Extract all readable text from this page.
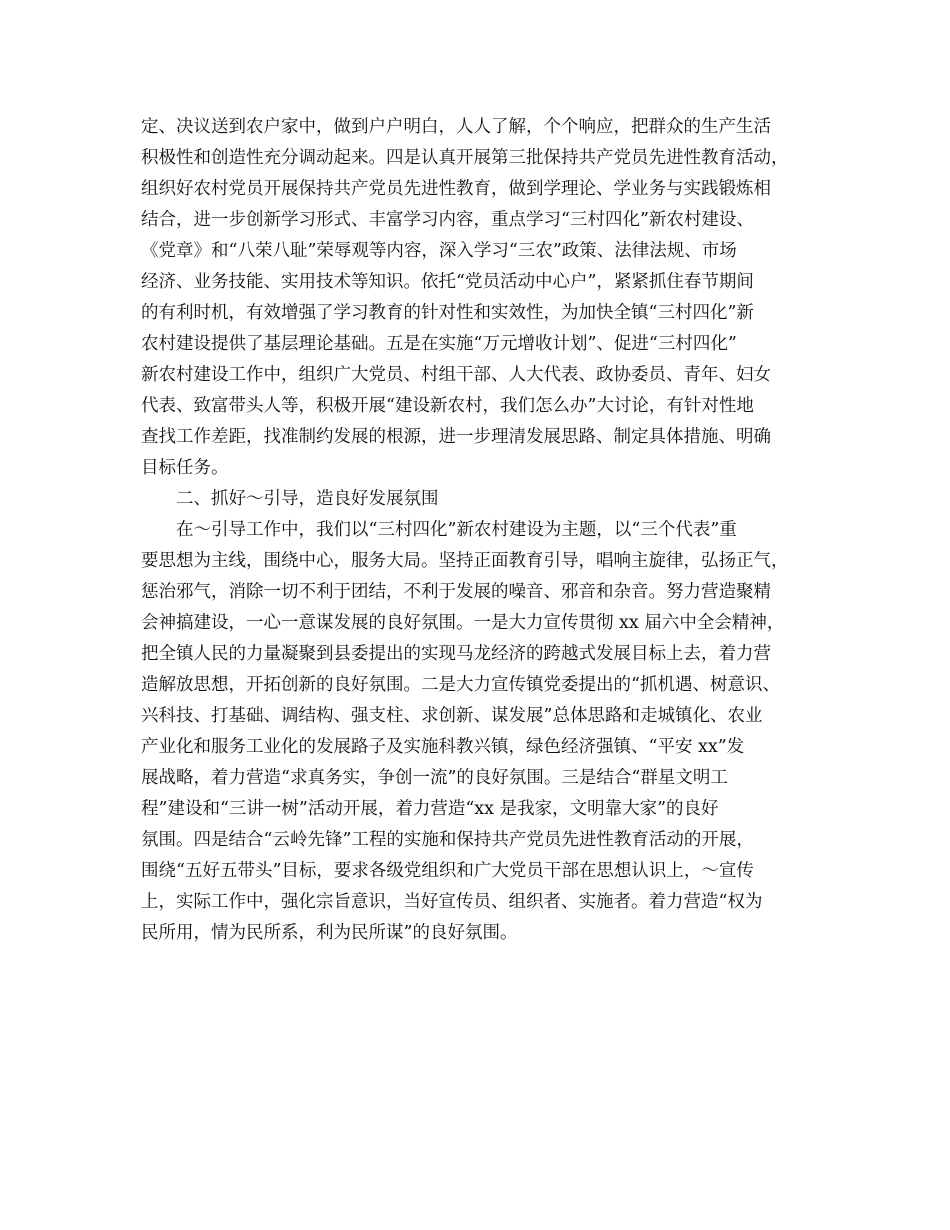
定、决议送到农户家中，做到户户明白，人人了解，个个响应，把群众的生产生活
积极性和创造性充分调动起来。四是认真开展第三批保持共产党员先进性教育活动，
组织好农村党员开展保持共产党员先进性教育，做到学理论、学业务与实践锻炼相
结合，进一步创新学习形式、丰富学习内容，重点学习“三村四化”新农村建设、
《党章》和“八荣八耻”荣辱观等内容，深入学习“三农”政策、法律法规、市场
经济、业务技能、实用技术等知识。依托“党员活动中心户”，紧紧抓住春节期间
的有利时机，有效增强了学习教育的针对性和实效性，为加快全镇“三村四化”新
农村建设提供了基层理论基础。五是在实施“万元增收计划”、促进“三村四化”
新农村建设工作中，组织广大党员、村组干部、人大代表、政协委员、青年、妇女
代表、致富带头人等，积极开展“建设新农村，我们怎么办”大讨论，有针对性地
查找工作差距，找准制约发展的根源，进一步理清发展思路、制定具体措施、明确
目标任务。
二、抓好～引导，造良好发展氛围
在～引导工作中，我们以“三村四化”新农村建设为主题，以“三个代表”重
要思想为主线，围绕中心，服务大局。坚持正面教育引导，唱响主旋律，弘扬正气，
惩治邪气，消除一切不利于团结，不利于发展的噪音、邪音和杂音。努力营造聚精
会神搞建设，一心一意谋发展的良好氛围。一是大力宣传贯彻 xx 届六中全会精神，
把全镇人民的力量凝聚到县委提出的实现马龙经济的跨越式发展目标上去，着力营
造解放思想，开拓创新的良好氛围。二是大力宣传镇党委提出的“抓机遇、树意识、
兴科技、打基础、调结构、强支柱、求创新、谋发展”总体思路和走城镇化、农业
产业化和服务工业化的发展路子及实施科教兴镇，绿色经济强镇、“平安 xx”发
展战略，着力营造“求真务实，争创一流”的良好氛围。三是结合“群星文明工
程”建设和“三讲一树”活动开展，着力营造“xx 是我家，文明靠大家”的良好
氛围。四是结合“云岭先锋”工程的实施和保持共产党员先进性教育活动的开展，
围绕“五好五带头”目标，要求各级党组织和广大党员干部在思想认识上，～宣传
上，实际工作中，强化宗旨意识，当好宣传员、组织者、实施者。着力营造“权为
民所用，情为民所系，利为民所谋”的良好氛围。
